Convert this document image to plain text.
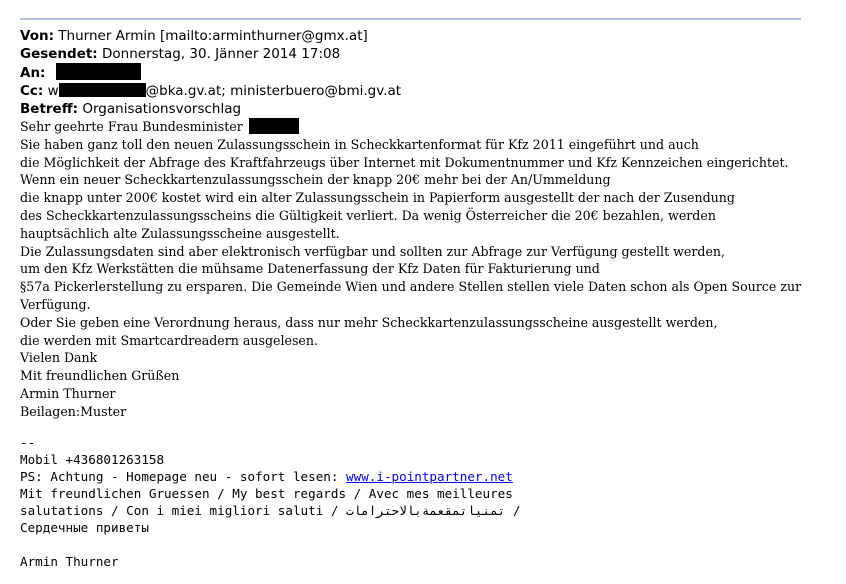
Von: Thurner Armin [mailto:arminthurner@gmx.at]
Gesendet: Donnerstag, 30. Jänner 2014 17:08
An:
Cc: w	@bka.gv.at; ministerbuero@bmi.gv.at
Betreff: Organisationsvorschlag
Sehr geehrte Frau Bundesminister
Sie haben ganz toll den neuen Zulassungsschein in Scheckkartenformat für Kfz 2011 eingeführt und auch
die Möglichkeit der Abfrage des Kraftfahrzeugs über Internet mit Dokumentnummer und Kfz Kennzeichen eingerichtet.
Wenn ein neuer Scheckkartenzulassungsschein der knapp 20€ mehr bei der An/Ummeldung
die knapp unter 200€ kostet wird ein alter Zulassungsschein in Papierform ausgestellt der nach der Zusendung
des Scheckkartenzulassungsscheins die Gültigkeit verliert. Da wenig Österreicher die 20€ bezahlen, werden
hauptsächlich alte Zulassungsscheine ausgestellt.
Die Zulassungsdaten sind aber elektronisch verfügbar und sollten zur Abfrage zur Verfügung gestellt werden,
um den Kfz Werkstätten die mühsame Datenerfassung der Kfz Daten für Fakturierung und
§57a Pickerlerstellung zu ersparen. Die Gemeinde Wien und andere Stellen stellen viele Daten schon als Open Source zur Verfügung.
Oder Sie geben eine Verordnung heraus, dass nur mehr Scheckkartenzulassungsscheine ausgestellt werden,
die werden mit Smartcardreadern ausgelesen.
Vielen Dank
Mit freundlichen Grüßen
Armin Thurner
Beilagen:Muster
--
Mobil +436801263158
PS: Achtung - Homepage neu - sofort lesen: www.i-pointpartner.net
Mit freundlichen Gruessen / My best regards / Avec mes meilleures
salutations / Con i miei migliori saluti / تمنياتمقعمةبالاحترامات /
Сердечные приветы

Armin Thurner
